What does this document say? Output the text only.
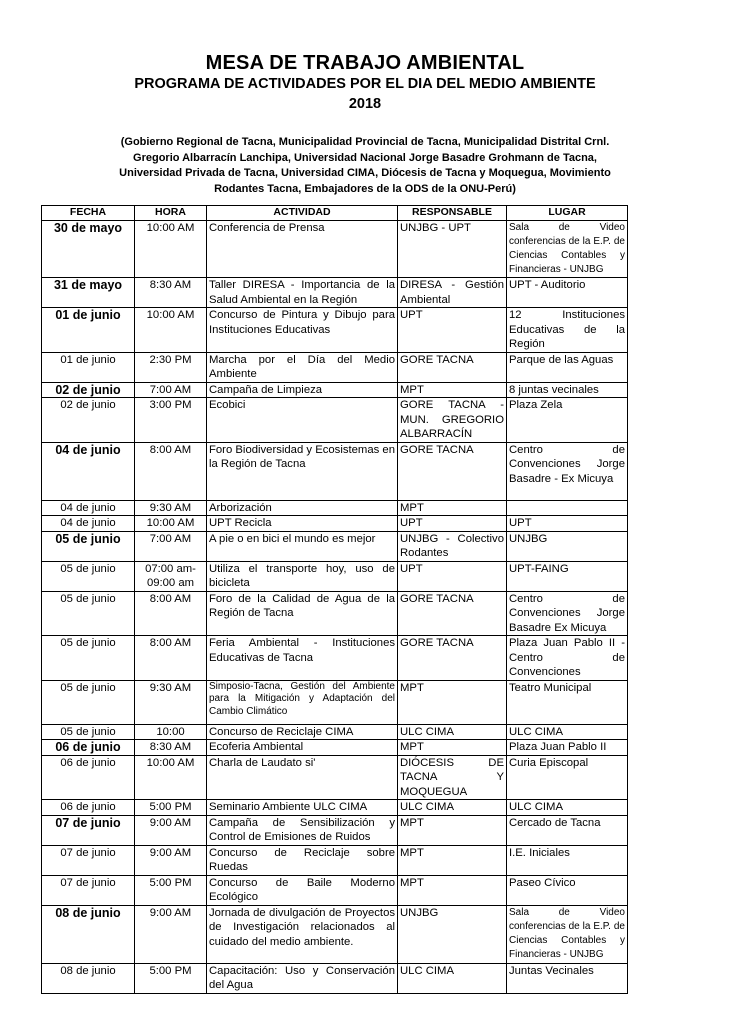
MESA DE TRABAJO AMBIENTAL
PROGRAMA DE ACTIVIDADES POR EL DIA DEL MEDIO AMBIENTE
2018
(Gobierno Regional de Tacna, Municipalidad Provincial de Tacna, Municipalidad Distrital Crnl.
Gregorio Albarracín Lanchipa, Universidad Nacional Jorge Basadre Grohmann de Tacna,
Universidad Privada de Tacna, Universidad CIMA, Diócesis de Tacna y Moquegua, Movimiento
Rodantes Tacna, Embajadores de la ODS de la ONU-Perú)
FECHA	HORA	ACTIVIDAD	RESPONSABLE	LUGAR
30 de mayo	10:00 AM	Conferencia de Prensa	UNJBG - UPT	Sala de Video conferencias de la E.P. de Ciencias Contables y Financieras - UNJBG
31 de mayo	8:30 AM	Taller DIRESA - Importancia de la Salud Ambiental en la Región	DIRESA - Gestión Ambiental	UPT - Auditorio
01 de junio	10:00 AM	Concurso de Pintura y Dibujo para Instituciones Educativas	UPT	12 Instituciones Educativas de la Región
01 de junio	2:30 PM	Marcha por el Día del Medio Ambiente	GORE TACNA	Parque de las Aguas
02 de junio	7:00 AM	Campaña de Limpieza	MPT	8 juntas vecinales
02 de junio	3:00 PM	Ecobici	GORE TACNA - MUN. GREGORIO ALBARRACÍN	Plaza Zela
04 de junio	8:00 AM	Foro Biodiversidad y Ecosistemas en la Región de Tacna	GORE TACNA	Centro de Convenciones Jorge Basadre - Ex Micuya
04 de junio	9:30 AM	Arborización	MPT	
04 de junio	10:00 AM	UPT Recicla	UPT	UPT
05 de junio	7:00 AM	A pie o en bici el mundo es mejor	UNJBG - Colectivo Rodantes	UNJBG
05 de junio	07:00 am-09:00 am	Utiliza el transporte hoy, uso de bicicleta	UPT	UPT-FAING
05 de junio	8:00 AM	Foro de la Calidad de Agua de la Región de Tacna	GORE TACNA	Centro de Convenciones Jorge Basadre Ex Micuya
05 de junio	8:00 AM	Feria Ambiental - Instituciones Educativas de Tacna	GORE TACNA	Plaza Juan Pablo II - Centro de Convenciones
05 de junio	9:30 AM	Simposio-Tacna, Gestión del Ambiente para la Mitigación y Adaptación del Cambio Climático	MPT	Teatro Municipal
05 de junio	10:00	Concurso de Reciclaje CIMA	ULC CIMA	ULC CIMA
06 de junio	8:30 AM	Ecoferia Ambiental	MPT	Plaza Juan Pablo II
06 de junio	10:00 AM	Charla de Laudato si'	DIÓCESIS DE TACNA Y MOQUEGUA	Curia Episcopal
06 de junio	5:00 PM	Seminario Ambiente ULC CIMA	ULC CIMA	ULC CIMA
07 de junio	9:00 AM	Campaña de Sensibilización y Control de Emisiones de Ruidos	MPT	Cercado de Tacna
07 de junio	9:00 AM	Concurso de Reciclaje sobre Ruedas	MPT	I.E. Iniciales
07 de junio	5:00 PM	Concurso de Baile Moderno Ecológico	MPT	Paseo Cívico
08 de junio	9:00 AM	Jornada de divulgación de Proyectos de Investigación relacionados al cuidado del medio ambiente.	UNJBG	Sala de Video conferencias de la E.P. de Ciencias Contables y Financieras - UNJBG
08 de junio	5:00 PM	Capacitación: Uso y Conservación del Agua	ULC CIMA	Juntas Vecinales
